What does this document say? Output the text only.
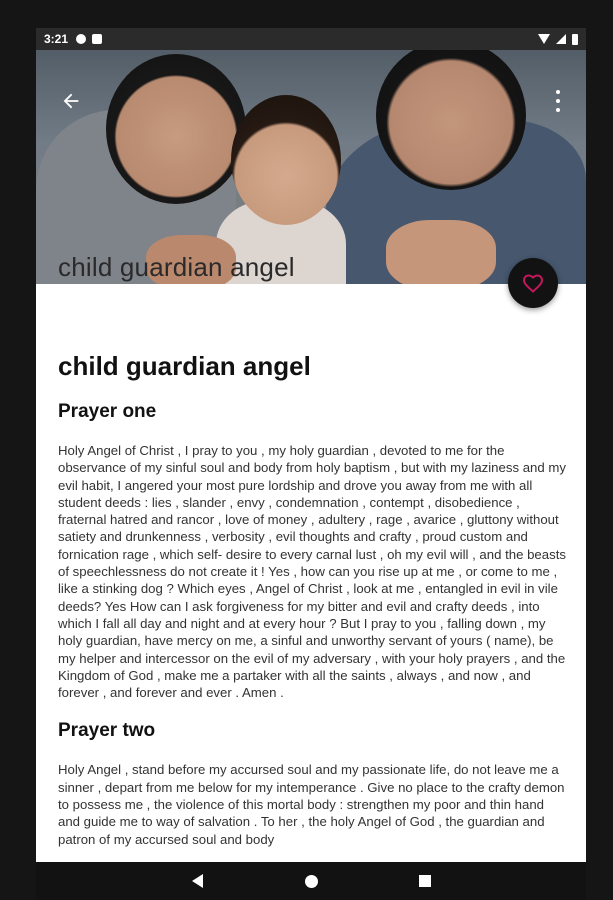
3:21
child guardian angel
child guardian angel
Prayer one

Holy Angel of Christ , I pray to you , my holy guardian , devoted to me for the observance of my sinful soul and body from holy baptism , but with my laziness and my evil habit, I angered your most pure lordship and drove you away from me with all student deeds : lies , slander , envy , condemnation , contempt , disobedience , fraternal hatred and rancor , love of money , adultery , rage , avarice , gluttony without satiety and drunkenness , verbosity , evil thoughts and crafty , proud custom and fornication rage , which self- desire to every carnal lust , oh my evil will , and the beasts of speechlessness do not create it ! Yes , how can you rise up at me , or come to me , like a stinking dog ? Which eyes , Angel of Christ , look at me , entangled in evil in vile deeds? Yes How can I ask forgiveness for my bitter and evil and crafty deeds , into which I fall all day and night and at every hour ? But I pray to you , falling down , my holy guardian, have mercy on me, a sinful and unworthy servant of yours ( name), be my helper and intercessor on the evil of my adversary , with your holy prayers , and the Kingdom of God , make me a partaker with all the saints , always , and now , and forever , and forever and ever . Amen .

Prayer two

Holy Angel , stand before my accursed soul and my passionate life, do not leave me a sinner , depart from me below for my intemperance . Give no place to the crafty demon to possess me , the violence of this mortal body : strengthen my poor and thin hand and guide me to way of salvation . To her , the holy Angel of God , the guardian and patron of my accursed soul and body
